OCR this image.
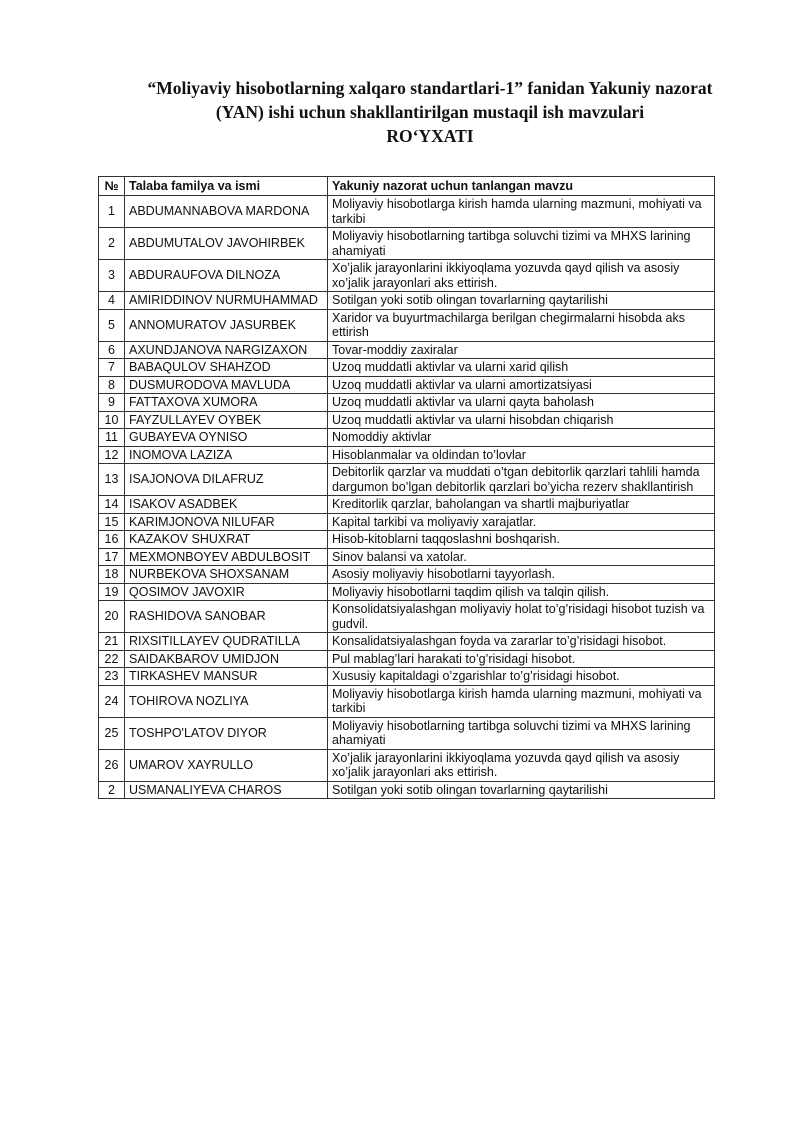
“Moliyaviy hisobotlarning xalqaro standartlari-1” fanidan Yakuniy nazorat
(YAN) ishi uchun shakllantirilgan mustaqil ish mavzulari
RO‘YXATI
№	Talaba familya va ismi	Yakuniy nazorat uchun tanlangan mavzu
1	ABDUMANNABOVA MARDONA	Moliyaviy hisobotlarga kirish hamda ularning mazmuni, mohiyati va tarkibi
2	ABDUMUTALOV JAVOHIRBEK	Moliyaviy hisobotlarning tartibga soluvchi tizimi va MHXS larining ahamiyati
3	ABDURAUFOVA DILNOZA	Xo’jalik jarayonlarini ikkiyoqlama yozuvda qayd qilish va asosiy xo’jalik jarayonlari aks ettirish.
4	AMIRIDDINOV NURMUHAMMAD	Sotilgan yoki sotib olingan tovarlarning qaytarilishi
5	ANNOMURATOV JASURBEK	Xaridor va buyurtmachilarga berilgan chegirmalarni hisobda aks ettirish
6	AXUNDJANOVA NARGIZAXON	Tovar-moddiy zaxiralar
7	BABAQULOV SHAHZOD	Uzoq muddatli aktivlar va ularni xarid qilish
8	DUSMURODOVA MAVLUDA	Uzoq muddatli aktivlar va ularni amortizatsiyasi
9	FATTAXOVA XUMORA	Uzoq muddatli aktivlar va ularni qayta baholash
10	FAYZULLAYEV OYBEK	Uzoq muddatli aktivlar va ularni hisobdan chiqarish
11	GUBAYEVA OYNISO	Nomoddiy aktivlar
12	INOMOVA LAZIZA	Hisoblanmalar va oldindan to’lovlar
13	ISAJONOVA DILAFRUZ	Debitorlik qarzlar va muddati o’tgan debitorlik qarzlari tahlili hamda dargumon bo’lgan debitorlik qarzlari bo’yicha rezerv shakllantirish
14	ISAKOV ASADBEK	Kreditorlik qarzlar, baholangan va shartli majburiyatlar
15	KARIMJONOVA NILUFAR	Kapital tarkibi va moliyaviy xarajatlar.
16	KAZAKOV SHUXRAT	Hisob-kitoblarni taqqoslashni boshqarish.
17	MEXMONBOYEV ABDULBOSIT	Sinov balansi va xatolar.
18	NURBEKOVA SHOXSANAM	Asosiy moliyaviy hisobotlarni tayyorlash.
19	QOSIMOV JAVOXIR	Moliyaviy hisobotlarni taqdim qilish va talqin qilish.
20	RASHIDOVA SANOBAR	Konsolidatsiyalashgan moliyaviy holat to’g’risidagi hisobot tuzish va gudvil.
21	RIXSITILLAYEV QUDRATILLA	Konsalidatsiyalashgan foyda va zararlar to’g’risidagi hisobot.
22	SAIDAKBAROV UMIDJON	Pul mablag’lari harakati to’g’risidagi hisobot.
23	TIRKASHEV MANSUR	Xususiy kapitaldagi o’zgarishlar to’g’risidagi hisobot.
24	TOHIROVA NOZLIYA	Moliyaviy hisobotlarga kirish hamda ularning mazmuni, mohiyati va tarkibi
25	TOSHPO'LATOV DIYOR	Moliyaviy hisobotlarning tartibga soluvchi tizimi va MHXS larining ahamiyati
26	UMAROV XAYRULLO	Xo’jalik jarayonlarini ikkiyoqlama yozuvda qayd qilish va asosiy xo’jalik jarayonlari aks ettirish.
2	USMANALIYEVA CHAROS	Sotilgan yoki sotib olingan tovarlarning qaytarilishi
